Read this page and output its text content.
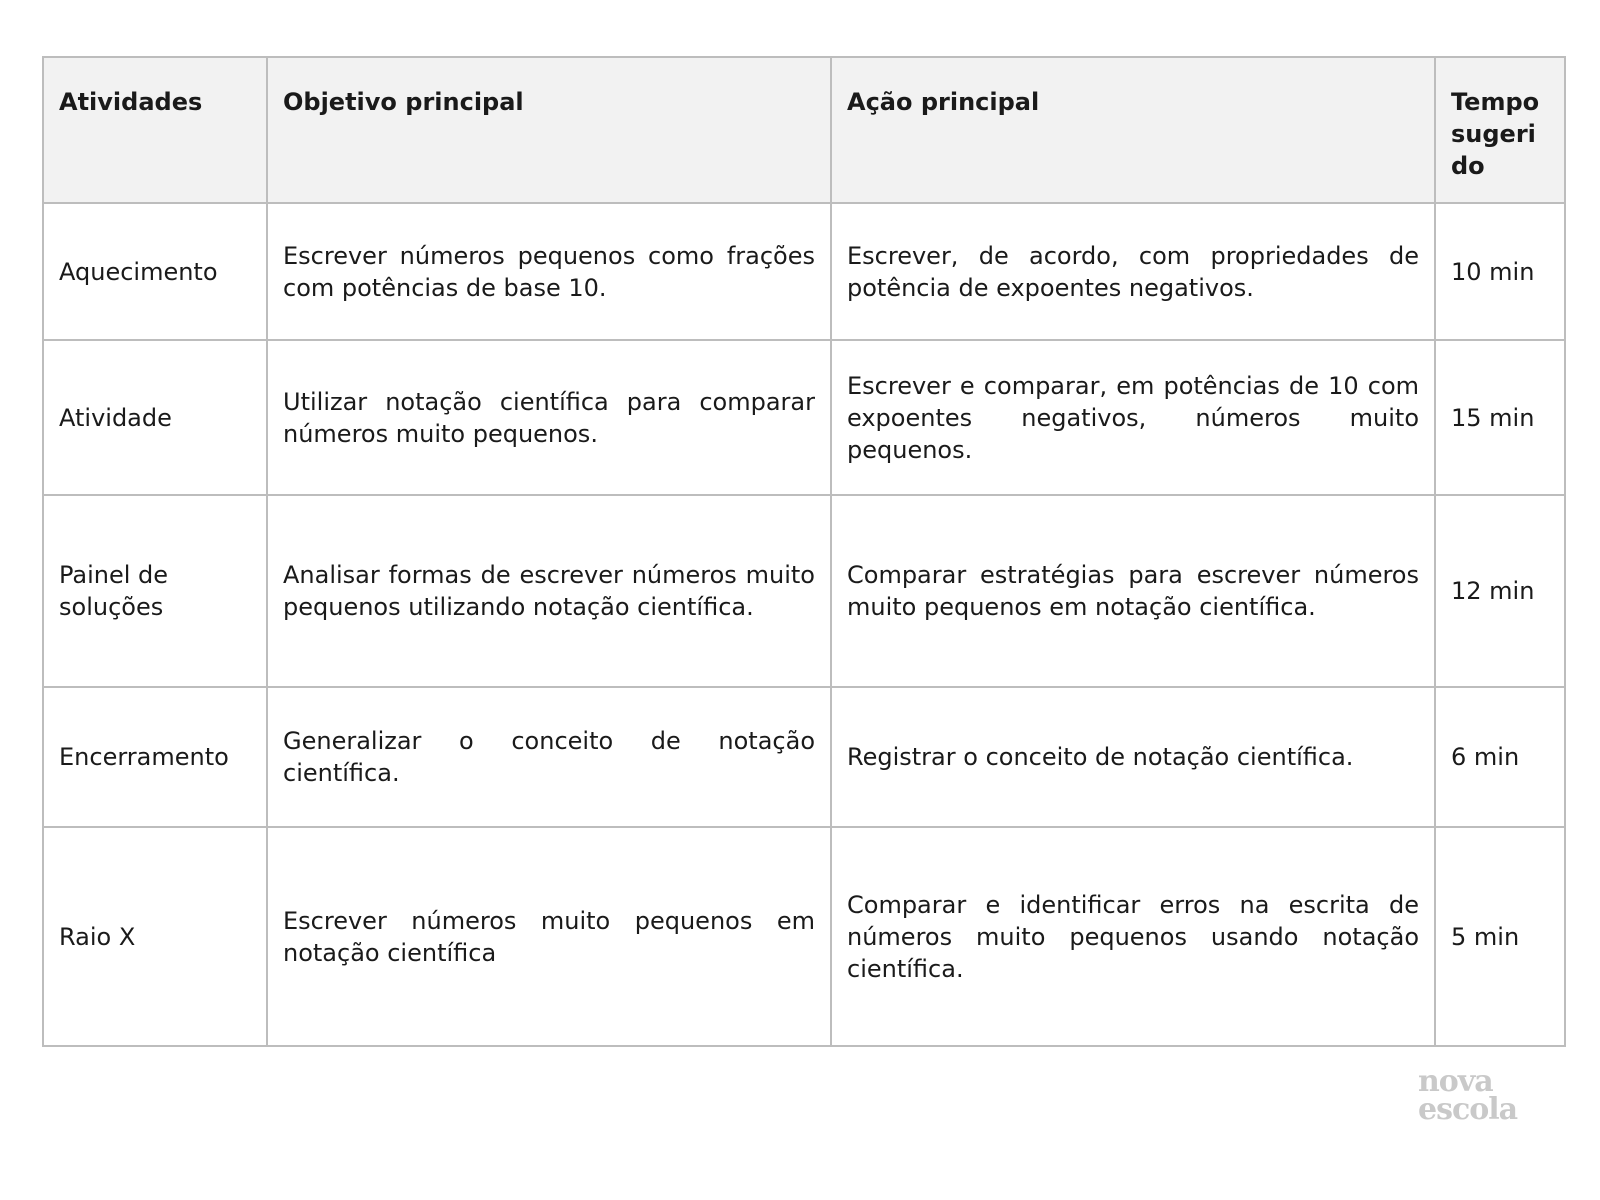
Atividades	Objetivo principal	Ação principal	Tempo sugerido
Aquecimento	Escrever números pequenos como frações com potências de base 10.	Escrever, de acordo, com propriedades de potência de expoentes negativos.	10 min
Atividade	Utilizar notação científica para comparar números muito pequenos.	Escrever e comparar, em potências de 10 com expoentes negativos, números muito pequenos.	15 min
Painel de soluções	Analisar formas de escrever números muito pequenos utilizando notação científica.	Comparar estratégias para escrever números muito pequenos em notação científica.	12 min
Encerramento	Generalizar o conceito de notação científica.	Registrar o conceito de notação científica.	6 min
Raio X	Escrever números muito pequenos em notação científica	Comparar e identificar erros na escrita de números muito pequenos usando notação científica.	5 min
nova
escola
